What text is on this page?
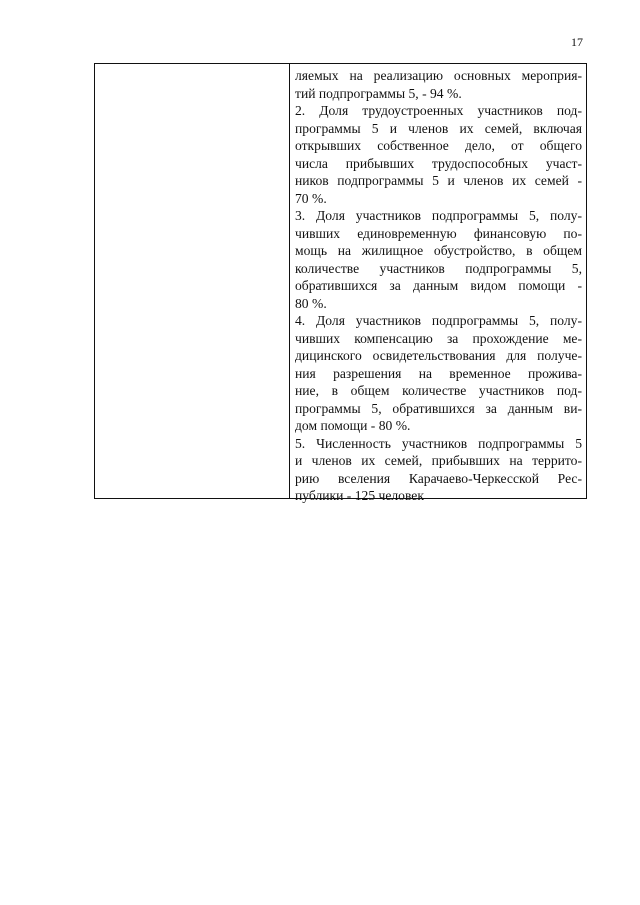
17
ляемых на реализацию основных мероприя-
тий подпрограммы 5, - 94 %.
2. Доля трудоустроенных участников под-
программы 5 и членов их семей, включая
открывших собственное дело, от общего
числа прибывших трудоспособных участ-
ников подпрограммы 5 и членов их семей -
70 %.
3. Доля участников подпрограммы 5, полу-
чивших единовременную финансовую по-
мощь на жилищное обустройство, в общем
количестве участников подпрограммы 5,
обратившихся за данным видом помощи -
80 %.
4. Доля участников подпрограммы 5, полу-
чивших компенсацию за прохождение ме-
дицинского освидетельствования для получе-
ния разрешения на временное прожива-
ние, в общем количестве участников под-
программы 5, обратившихся за данным ви-
дом помощи - 80 %.
5. Численность участников подпрограммы 5
и членов их семей, прибывших на террито-
рию вселения Карачаево-Черкесской Рес-
публики - 125 человек
